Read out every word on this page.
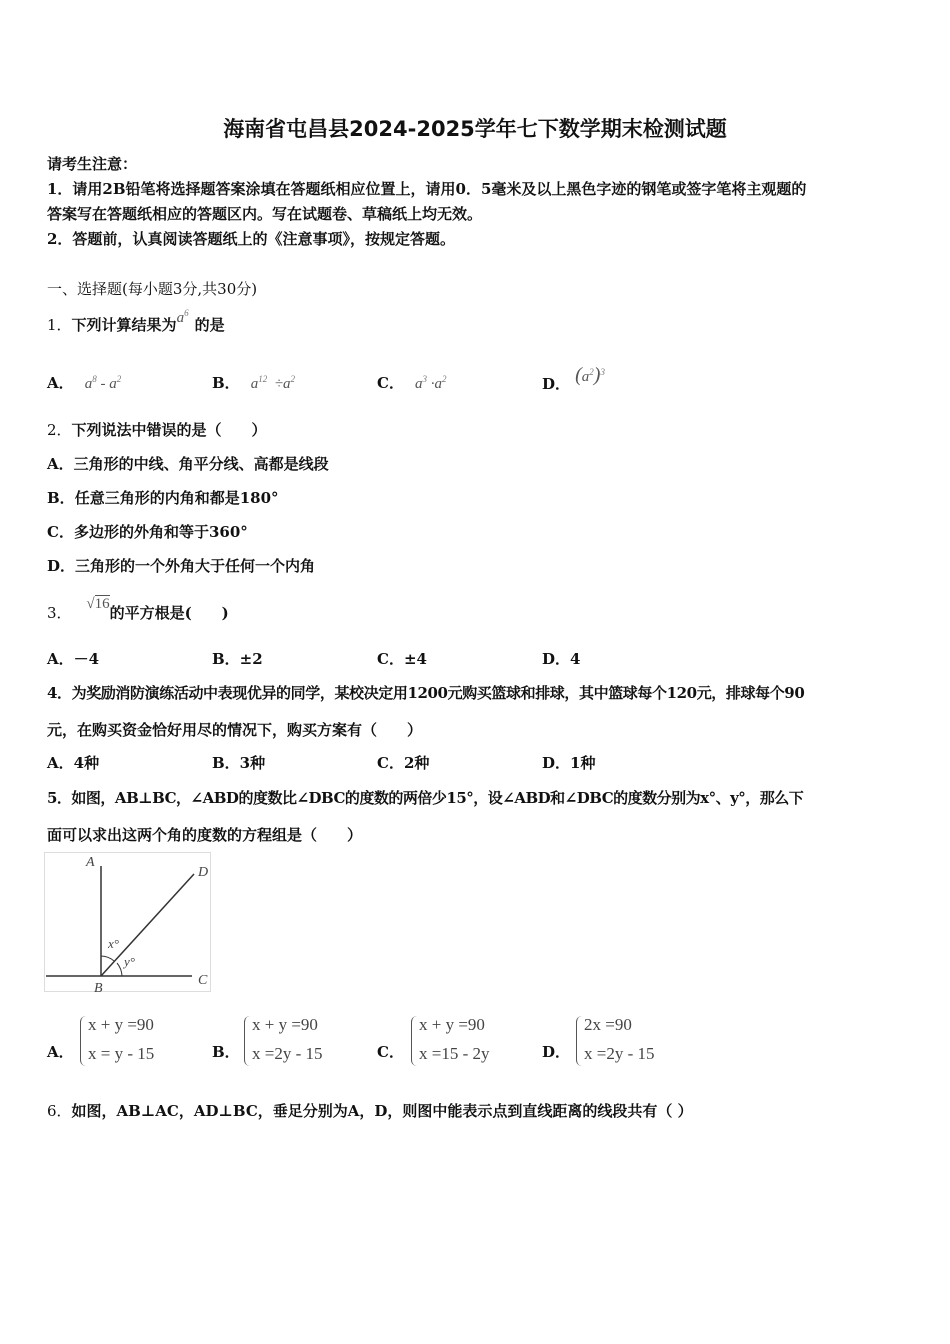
海南省屯昌县2024-2025学年七下数学期末检测试题
请考生注意：
1．请用2B铅笔将选择题答案涂填在答题纸相应位置上，请用0．5毫米及以上黑色字迹的钢笔或签字笔将主观题的
答案写在答题纸相应的答题区内。写在试题卷、草稿纸上均无效。
2．答题前，认真阅读答题纸上的《注意事项》，按规定答题。
一、选择题(每小题3分,共30分)
1．下列计算结果为$a^6$的是
A． $a^8 - a^2$	B． $a^{12} \div a^2$	C． $a^3 \cdot a^2$	D． $(a^2)^3$
2．下列说法中错误的是（　　）
A．三角形的中线、角平分线、高都是线段
B．任意三角形的内角和都是180°
C．多边形的外角和等于360°
D．三角形的一个外角大于任何一个内角
3． √16的平方根是(　　)
A．－4	B．±2	C．±4	D．4
4．为奖励消防演练活动中表现优异的同学，某校决定用1200元购买篮球和排球，其中篮球每个120元，排球每个90
元，在购买资金恰好用尽的情况下，购买方案有（　　）
A．4种	B．3种	C．2种	D．1种
5．如图，AB⊥BC，∠ABD的度数比∠DBC的度数的两倍少15°，设∠ABD和∠DBC的度数分别为x°、y°，那么下
面可以求出这两个角的度数的方程组是（　　）
A
D
B
C
x°
y°
A．
x + y =90
x = y - 15	B．
x + y =90
x =2y - 15	C．
x + y =90
x =15 - 2y	D．
2x =90
x =2y - 15
6．如图，AB⊥AC，AD⊥BC，垂足分别为A，D，则图中能表示点到直线距离的线段共有（ ）
